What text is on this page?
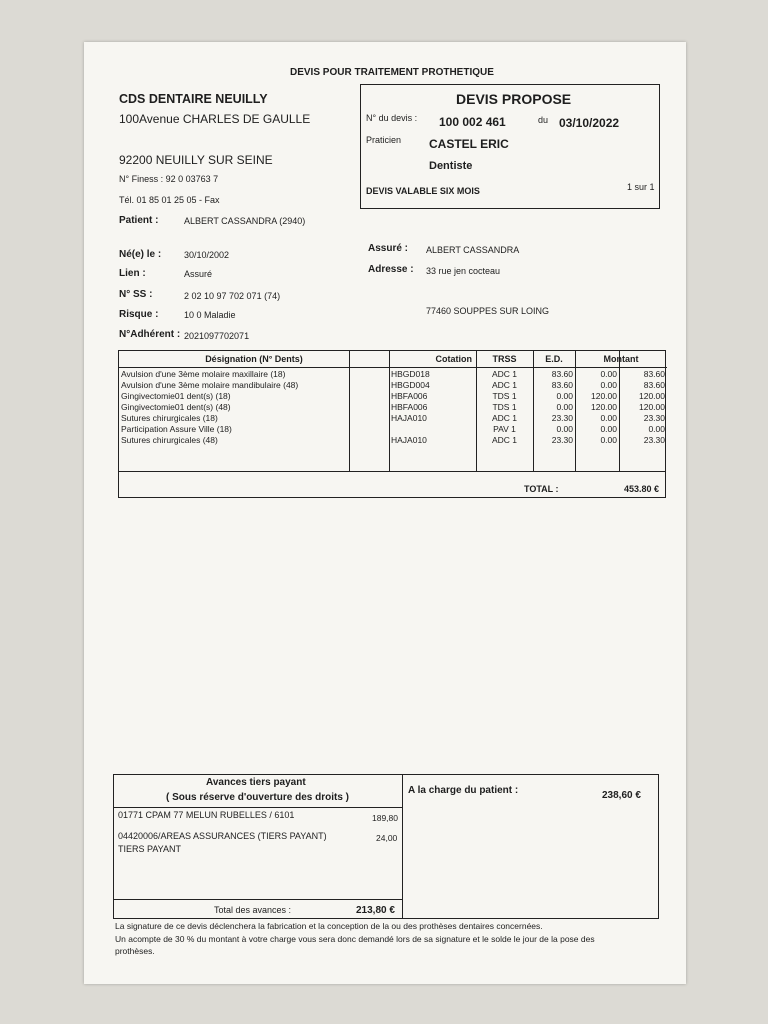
DEVIS POUR TRAITEMENT PROTHETIQUE
CDS DENTAIRE NEUILLY
100Avenue CHARLES DE GAULLE
92200 NEUILLY SUR SEINE
N° Finess : 92 0 03763 7
Tél. 01 85 01 25 05 - Fax
DEVIS PROPOSE
N° du devis : 100 002 461	du 03/10/2022
Praticien CASTEL ERIC
Dentiste
DEVIS VALABLE SIX MOIS	1 sur 1
Patient :	ALBERT CASSANDRA (2940)
Né(e) le :	30/10/2002
Lien :	Assuré
N° SS :	2 02 10 97 702 071 (74)
Risque :	10 0 Maladie
N°Adhérent : 2021097702071
Assuré : ALBERT CASSANDRA
Adresse : 33 rue jen cocteau
77460 SOUPPES SUR LOING
Désignation (N° Dents)	Cotation	TRSS	E.D.	Montant	
Avulsion d'une 3ème molaire maxillaire (18)	HBGD018	ADC 1	83.60	0.00	83.60
Avulsion d'une 3ème molaire mandibulaire (48)	HBGD004	ADC 1	83.60	0.00	83.60
Gingivectomie01 dent(s) (18)	HBFA006	TDS 1	0.00	120.00	120.00
Gingivectomie01 dent(s) (48)	HBFA006	TDS 1	0.00	120.00	120.00
Sutures chirurgicales (18)	HAJA010	ADC 1	23.30	0.00	23.30
Participation Assure Ville (18)		PAV 1	0.00	0.00	0.00
Sutures chirurgicales (48)	HAJA010	ADC 1	23.30	0.00	23.30
TOTAL :	453.80 €
Avances tiers payant
( Sous réserve d'ouverture des droits )
A la charge du patient :	238,60 €
01771 CPAM 77 MELUN RUBELLES / 6101	189,80
04420006/AREAS ASSURANCES (TIERS PAYANT)	24,00
TIERS PAYANT
Total des avances :	213,80 €
La signature de ce devis déclenchera la fabrication et la conception de la ou des prothèses dentaires concernées.
Un acompte de 30 % du montant à votre charge vous sera donc demandé lors de sa signature et le solde le jour de la pose des
prothèses.
